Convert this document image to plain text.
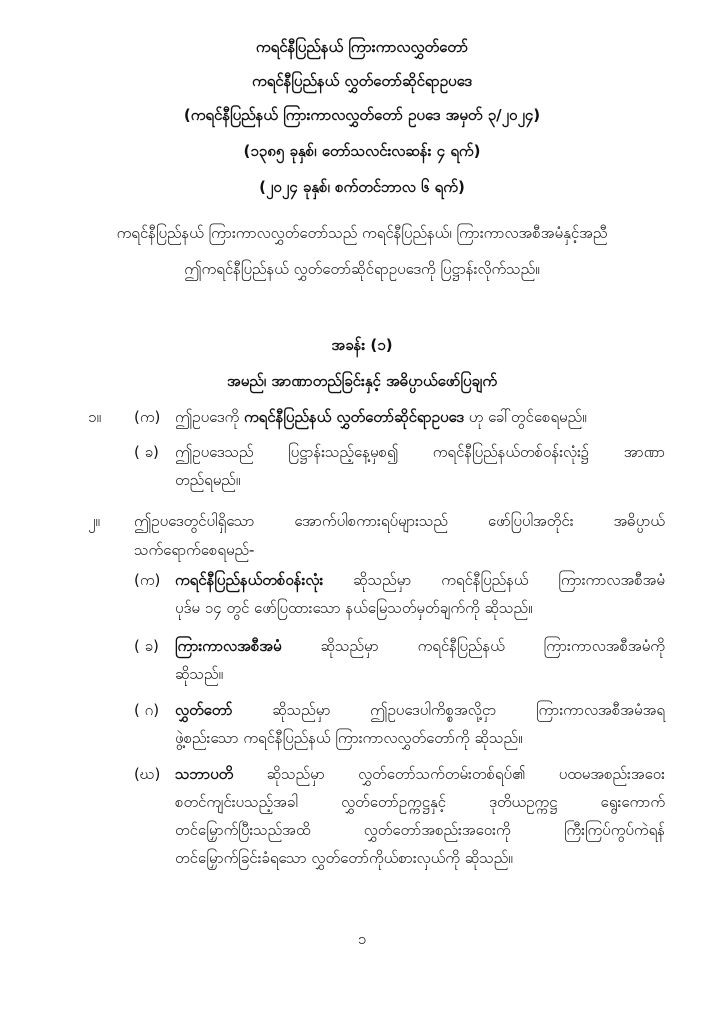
ကရင်နီပြည်နယ် ကြားကာလလွှတ်တော်
ကရင်နီပြည်နယ် လွှတ်တော်ဆိုင်ရာဥပဒေ
(ကရင်နီပြည်နယ် ကြားကာလလွှတ်တော် ဥပဒေ အမှတ် ၃/၂၀၂၄)
(၁၃၈၅ ခုနှစ်၊ တော်သလင်းလဆန်း ၄ ရက်)
(၂၀၂၄ ခုနှစ်၊ စက်တင်ဘာလ ၆ ရက်)
ကရင်နီပြည်နယ် ကြားကာလလွှတ်တော်သည် ကရင်နီပြည်နယ်၊ ကြားကာလအစီအမံနှင့်အညီ
ဤကရင်နီပြည်နယ် လွှတ်တော်ဆိုင်ရာဥပဒေကို ပြဋ္ဌာန်းလိုက်သည်။
အခန်း (၁)
အမည်၊ အာဏာတည်ခြင်းနှင့် အဓိပ္ပာယ်ဖော်ပြချက်
၁။ (က) ဤဥပဒေကို ကရင်နီပြည်နယ် လွှတ်တော်ဆိုင်ရာဥပဒေ ဟု ခေါ်တွင်စေရမည်။
( ခ) ဤဥပဒေသည် ပြဋ္ဌာန်းသည့်နေ့မှစ၍ ကရင်နီပြည်နယ်တစ်ဝန်းလုံး၌ အာဏာ
တည်ရမည်။
၂။ ဤဥပဒေတွင်ပါရှိသော အောက်ပါစကားရပ်များသည် ဖော်ပြပါအတိုင်း အဓိပ္ပာယ်
သက်ရောက်စေရမည်-
(က) ကရင်နီပြည်နယ်တစ်ဝန်းလုံး ဆိုသည်မှာ ကရင်နီပြည်နယ် ကြားကာလအစီအမံ
ပုဒ်မ ၁၄ တွင် ဖော်ပြထားသော နယ်မြေသတ်မှတ်ချက်ကို ဆိုသည်။
( ခ) ကြားကာလအစီအမံ ဆိုသည်မှာ ကရင်နီပြည်နယ် ကြားကာလအစီအမံကို
ဆိုသည်။
( ဂ) လွှတ်တော် ဆိုသည်မှာ ဤဥပဒေပါကိစ္စအလို့ငှာ ကြားကာလအစီအမံအရ
ဖွဲ့စည်းသော ကရင်နီပြည်နယ် ကြားကာလလွှတ်တော်ကို ဆိုသည်။
(ဃ) သဘာပတိ ဆိုသည်မှာ လွှတ်တော်သက်တမ်းတစ်ရပ်၏ ပထမအစည်းအဝေး
စတင်ကျင်းပသည့်အခါ လွှတ်တော်ဥက္ကဋ္ဌနှင့် ဒုတိယဥက္ကဋ္ဌ ရွေးကောက်
တင်မြှောက်ပြီးသည်အထိ လွှတ်တော်အစည်းအဝေးကို ကြီးကြပ်ကွပ်ကဲရန်
တင်မြှောက်ခြင်းခံရသော လွှတ်တော်ကိုယ်စားလှယ်ကို ဆိုသည်။
၁
